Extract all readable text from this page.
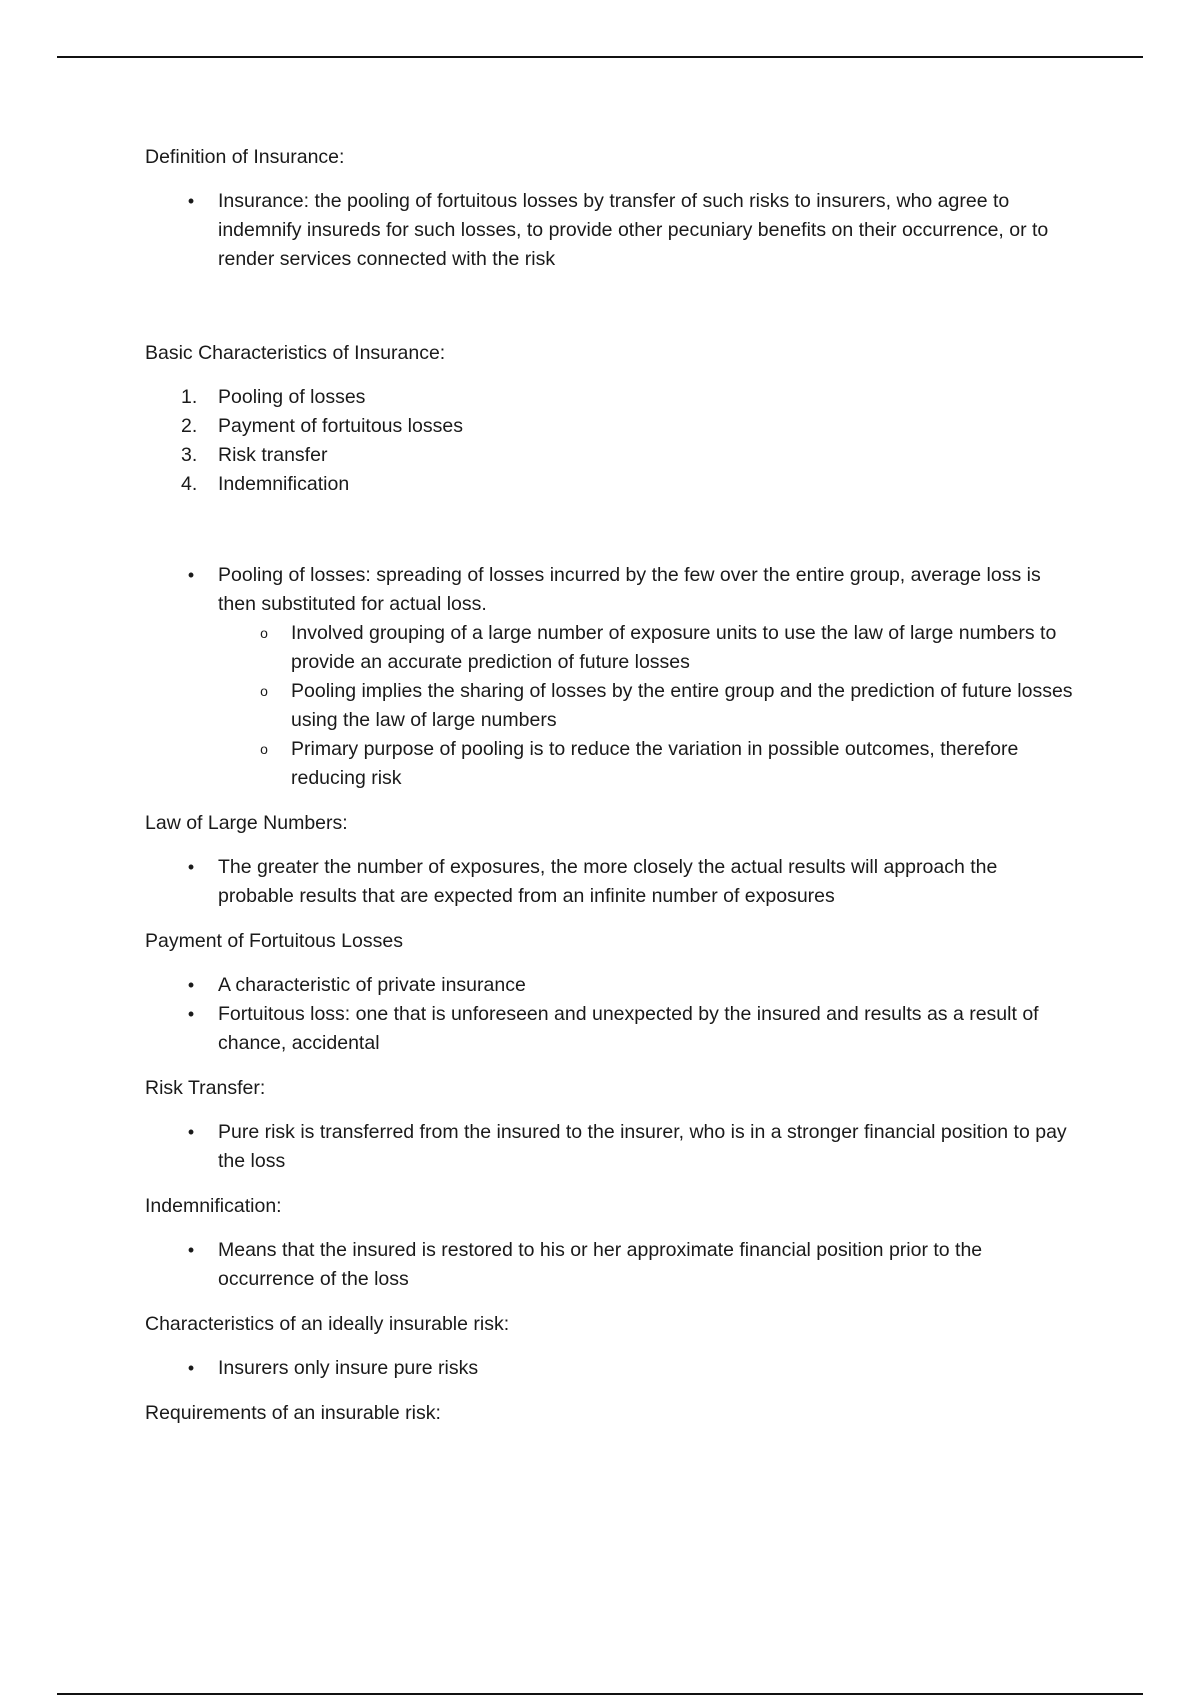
Definition of Insurance:

•	Insurance: the pooling of fortuitous losses by transfer of such risks to insurers, who agree to indemnify insureds for such losses, to provide other pecuniary benefits on their occurrence, or to render services connected with the risk

Basic Characteristics of Insurance:

1. Pooling of losses
2. Payment of fortuitous losses
3. Risk transfer
4. Indemnification
•	Pooling of losses: spreading of losses incurred by the few over the entire group, average loss is then substituted for actual loss.
o	Involved grouping of a large number of exposure units to use the law of large numbers to provide an accurate prediction of future losses
o	Pooling implies the sharing of losses by the entire group and the prediction of future losses using the law of large numbers
o	Primary purpose of pooling is to reduce the variation in possible outcomes, therefore reducing risk

Law of Large Numbers:

•	The greater the number of exposures, the more closely the actual results will approach the probable results that are expected from an infinite number of exposures

Payment of Fortuitous Losses

•	A characteristic of private insurance
•	Fortuitous loss: one that is unforeseen and unexpected by the insured and results as a result of chance, accidental

Risk Transfer:

•	Pure risk is transferred from the insured to the insurer, who is in a stronger financial position to pay the loss

Indemnification:

•	Means that the insured is restored to his or her approximate financial position prior to the occurrence of the loss

Characteristics of an ideally insurable risk:

•	Insurers only insure pure risks

Requirements of an insurable risk:
